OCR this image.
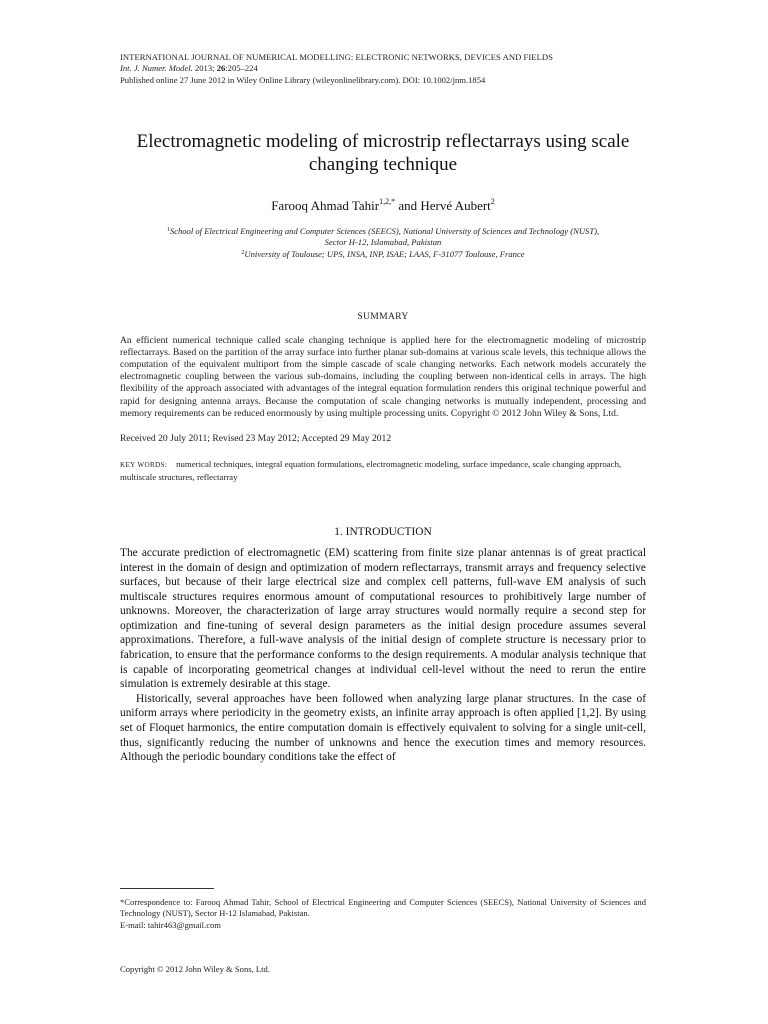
INTERNATIONAL JOURNAL OF NUMERICAL MODELLING: ELECTRONIC NETWORKS, DEVICES AND FIELDS
Int. J. Numer. Model. 2013; 26:205–224
Published online 27 June 2012 in Wiley Online Library (wileyonlinelibrary.com). DOI: 10.1002/jnm.1854
Electromagnetic modeling of microstrip reflectarrays using scale changing technique
Farooq Ahmad Tahir$^{1,2,*}$ and Hervé Aubert$^2$
$^1$School of Electrical Engineering and Computer Sciences (SEECS), National University of Sciences and Technology (NUST),
Sector H-12, Islamabad, Pakistan
$^2$University of Toulouse; UPS, INSA, INP, ISAE; LAAS, F-31077 Toulouse, France
SUMMARY
An efficient numerical technique called scale changing technique is applied here for the electromagnetic modeling of microstrip reflectarrays. Based on the partition of the array surface into further planar sub-domains at various scale levels, this technique allows the computation of the equivalent multiport from the simple cascade of scale changing networks. Each network models accurately the electromagnetic coupling between the various sub-domains, including the coupling between non-identical cells in arrays. The high flexibility of the approach associated with advantages of the integral equation formulation renders this original technique powerful and rapid for designing antenna arrays. Because the computation of scale changing networks is mutually independent, processing and memory requirements can be reduced enormously by using multiple processing units. Copyright © 2012 John Wiley & Sons, Ltd.
Received 20 July 2011; Revised 23 May 2012; Accepted 29 May 2012
KEY WORDS: numerical techniques, integral equation formulations, electromagnetic modeling, surface impedance, scale changing approach, multiscale structures, reflectarray
1. INTRODUCTION

The accurate prediction of electromagnetic (EM) scattering from finite size planar antennas is of great practical interest in the domain of design and optimization of modern reflectarrays, transmit arrays and frequency selective surfaces, but because of their large electrical size and complex cell patterns, full-wave EM analysis of such multiscale structures requires enormous amount of computational resources to prohibitively large number of unknowns. Moreover, the characterization of large array structures would normally require a second step for optimization and fine-tuning of several design parameters as the initial design procedure assumes several approximations. Therefore, a full-wave analysis of the initial design of complete structure is necessary prior to fabrication, to ensure that the performance conforms to the design requirements. A modular analysis technique that is capable of incorporating geometrical changes at individual cell-level without the need to rerun the entire simulation is extremely desirable at this stage.

Historically, several approaches have been followed when analyzing large planar structures. In the case of uniform arrays where periodicity in the geometry exists, an infinite array approach is often applied [1,2]. By using set of Floquet harmonics, the entire computation domain is effectively equivalent to solving for a single unit-cell, thus, significantly reducing the number of unknowns and hence the execution times and memory resources. Although the periodic boundary conditions take the effect of

*Correspondence to: Farooq Ahmad Tahir, School of Electrical Engineering and Computer Sciences (SEECS), National University of Sciences and Technology (NUST), Sector H-12 Islamabad, Pakistan.
E-mail: tahir463@gmail.com
Copyright © 2012 John Wiley & Sons, Ltd.
